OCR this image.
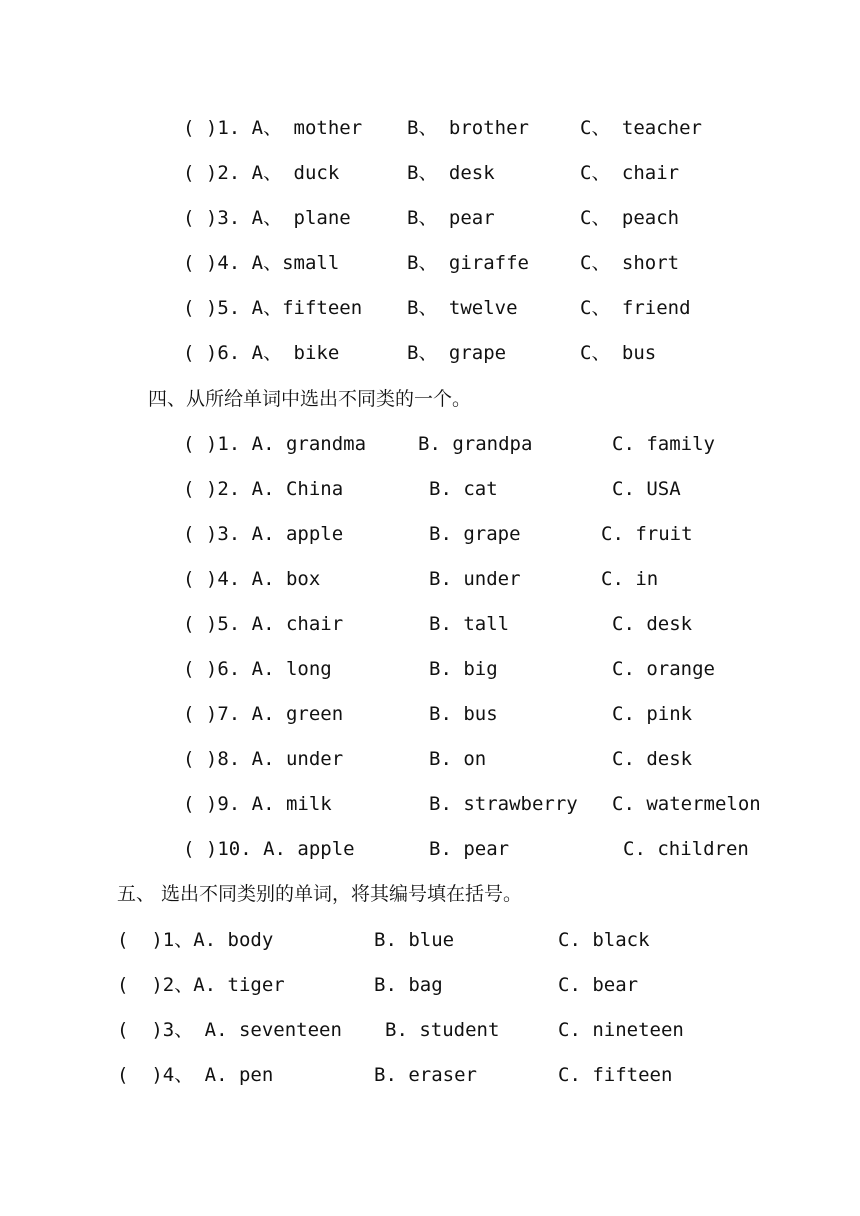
( )1. A、 mother B、 brother	C、 teacher
( )2. A、 duck	B、 desk	C、 chair
( )3. A、 plane	B、 pear	C、 peach
( )4. A、small	B、 giraffe	C、 short
( )5. A、fifteen B、 twelve	C、 friend
( )6. A、 bike	B、 grape	C、 bus
四、从所给单词中选出不同类的一个。
( )1. A. grandma	B. grandpa	C. family
( )2. A. China	B. cat	C. USA
( )3. A. apple	B. grape	C. fruit
( )4. A. box	B. under	C. in
( )5. A. chair	B. tall	C. desk
( )6. A. long	B. big	C. orange
( )7. A. green	B. bus	C. pink
( )8. A. under	B. on	C. desk
( )9. A. milk	B. strawberry C. watermelon
( )10. A. apple	B. pear	C. children
五、 选出不同类别的单词，将其编号填在括号。
(  )1、A. body	B. blue	C. black
(  )2、A. tiger	B. bag	C. bear
(  )3、 A. seventeen B. student	C. nineteen
(  )4、 A. pen	B. eraser	C. fifteen
